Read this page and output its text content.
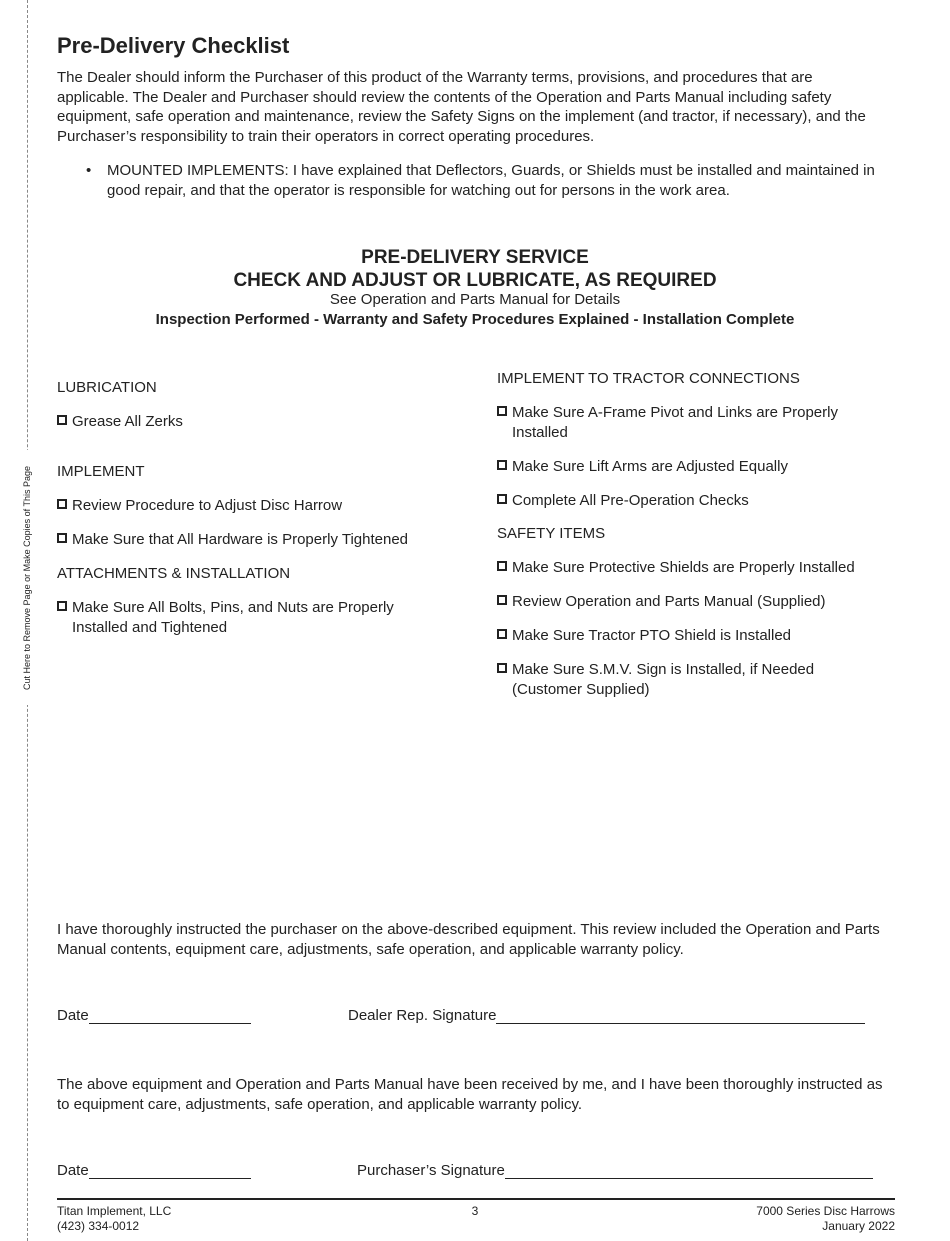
Cut Here to Remove Page or Make Copies of This Page
Pre-Delivery Checklist
The Dealer should inform the Purchaser of this product of the Warranty terms, provisions, and procedures that are applicable. The Dealer and Purchaser should review the contents of the Operation and Parts Manual including safety equipment, safe operation and maintenance, review the Safety Signs on the implement (and tractor, if necessary), and the Purchaser’s responsibility to train their operators in correct operating procedures.
•	MOUNTED IMPLEMENTS: I have explained that Deflectors, Guards, or Shields must be installed and maintained in good repair, and that the operator is responsible for watching out for persons in the work area.
PRE-DELIVERY SERVICE
CHECK AND ADJUST OR LUBRICATE, AS REQUIRED
See Operation and Parts Manual for Details
Inspection Performed - Warranty and Safety Procedures Explained - Installation Complete
LUBRICATION
Grease All Zerks
IMPLEMENT
Review Procedure to Adjust Disc Harrow
Make Sure that All Hardware is Properly Tightened
ATTACHMENTS & INSTALLATION
Make Sure All Bolts, Pins, and Nuts are Properly Installed and Tightened
IMPLEMENT TO TRACTOR CONNECTIONS
Make Sure A-Frame Pivot and Links are Properly Installed
Make Sure Lift Arms are Adjusted Equally
Complete All Pre-Operation Checks
SAFETY ITEMS
Make Sure Protective Shields are Properly Installed
Review Operation and Parts Manual (Supplied)
Make Sure Tractor PTO Shield is Installed
Make Sure S.M.V. Sign is Installed, if Needed (Customer Supplied)
I have thoroughly instructed the purchaser on the above-described equipment. This review included the Operation and Parts Manual contents, equipment care, adjustments, safe operation, and applicable warranty policy.
Date	Dealer Rep. Signature
The above equipment and Operation and Parts Manual have been received by me, and I have been thoroughly instructed as to equipment care, adjustments, safe operation, and applicable warranty policy.
Date	Purchaser’s Signature
Titan Implement, LLC
(423) 334-0012
3	7000 Series Disc Harrows
January 2022
